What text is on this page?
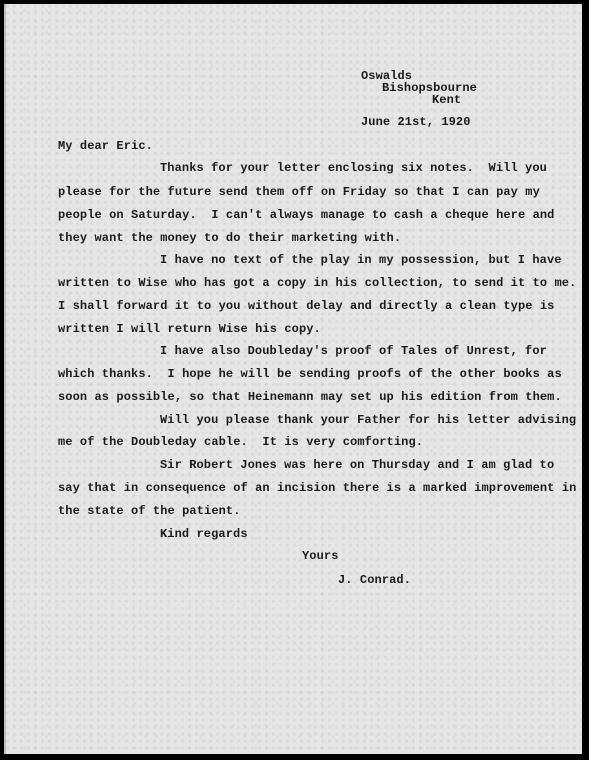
Oswalds
Bishopsbourne
Kent
June 21st, 1920
My dear Eric.
Thanks for your letter enclosing six notes.  Will you
please for the future send them off on Friday so that I can pay my
people on Saturday.  I can't always manage to cash a cheque here and
they want the money to do their marketing with.
I have no text of the play in my possession, but I have
written to Wise who has got a copy in his collection, to send it to me.
I shall forward it to you without delay and directly a clean type is
written I will return Wise his copy.
I have also Doubleday's proof of Tales of Unrest, for
which thanks.  I hope he will be sending proofs of the other books as
soon as possible, so that Heinemann may set up his edition from them.
Will you please thank your Father for his letter advising
me of the Doubleday cable.  It is very comforting.
Sir Robert Jones was here on Thursday and I am glad to
say that in consequence of an incision there is a marked improvement in
the state of the patient.
Kind regards
Yours
J. Conrad.
